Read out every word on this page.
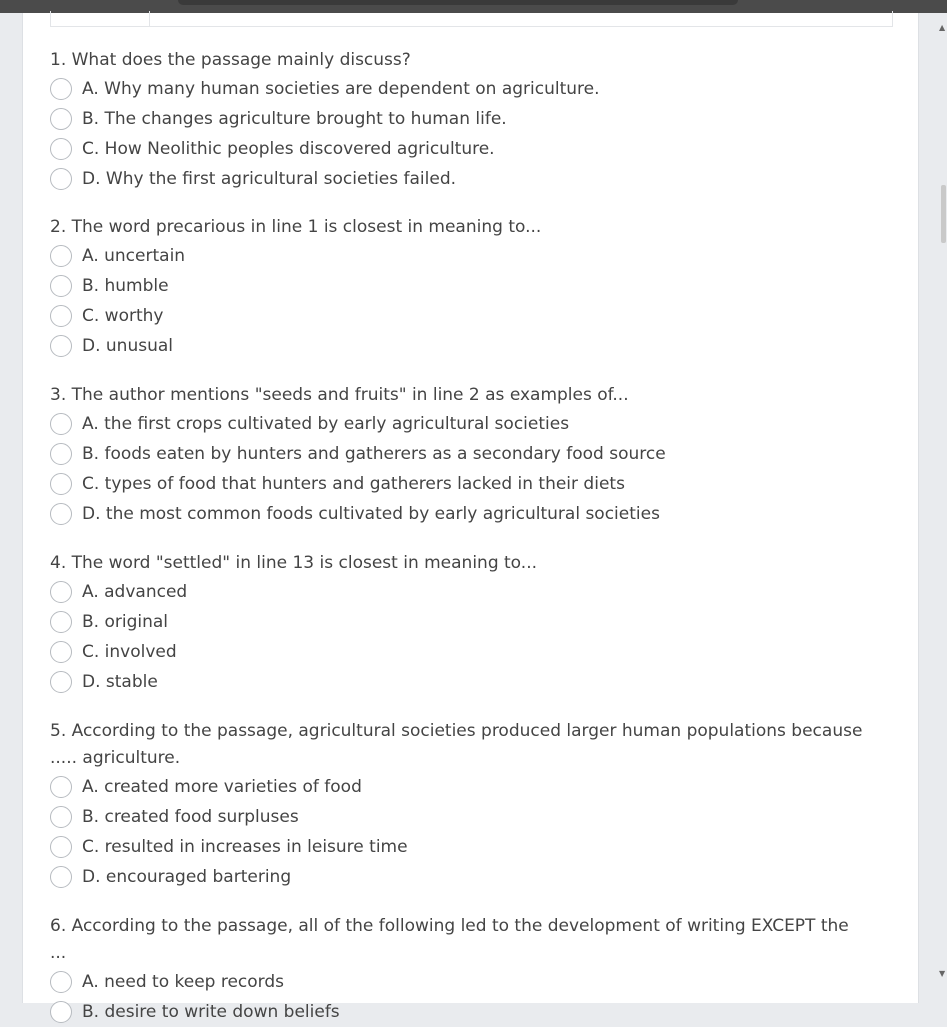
1. What does the passage mainly discuss?
A. Why many human societies are dependent on agriculture.
B. The changes agriculture brought to human life.
C. How Neolithic peoples discovered agriculture.
D. Why the first agricultural societies failed.
2. The word precarious in line 1 is closest in meaning to...
A. uncertain
B. humble
C. worthy
D. unusual
3. The author mentions "seeds and fruits" in line 2 as examples of...
A. the first crops cultivated by early agricultural societies
B. foods eaten by hunters and gatherers as a secondary food source
C. types of food that hunters and gatherers lacked in their diets
D. the most common foods cultivated by early agricultural societies
4. The word "settled" in line 13 is closest in meaning to...
A. advanced
B. original
C. involved
D. stable
5. According to the passage, agricultural societies produced larger human populations because ..... agriculture.
A. created more varieties of food
B. created food surpluses
C. resulted in increases in leisure time
D. encouraged bartering
6. According to the passage, all of the following led to the development of writing EXCEPT the ...
A. need to keep records
B. desire to write down beliefs
▲
▼
